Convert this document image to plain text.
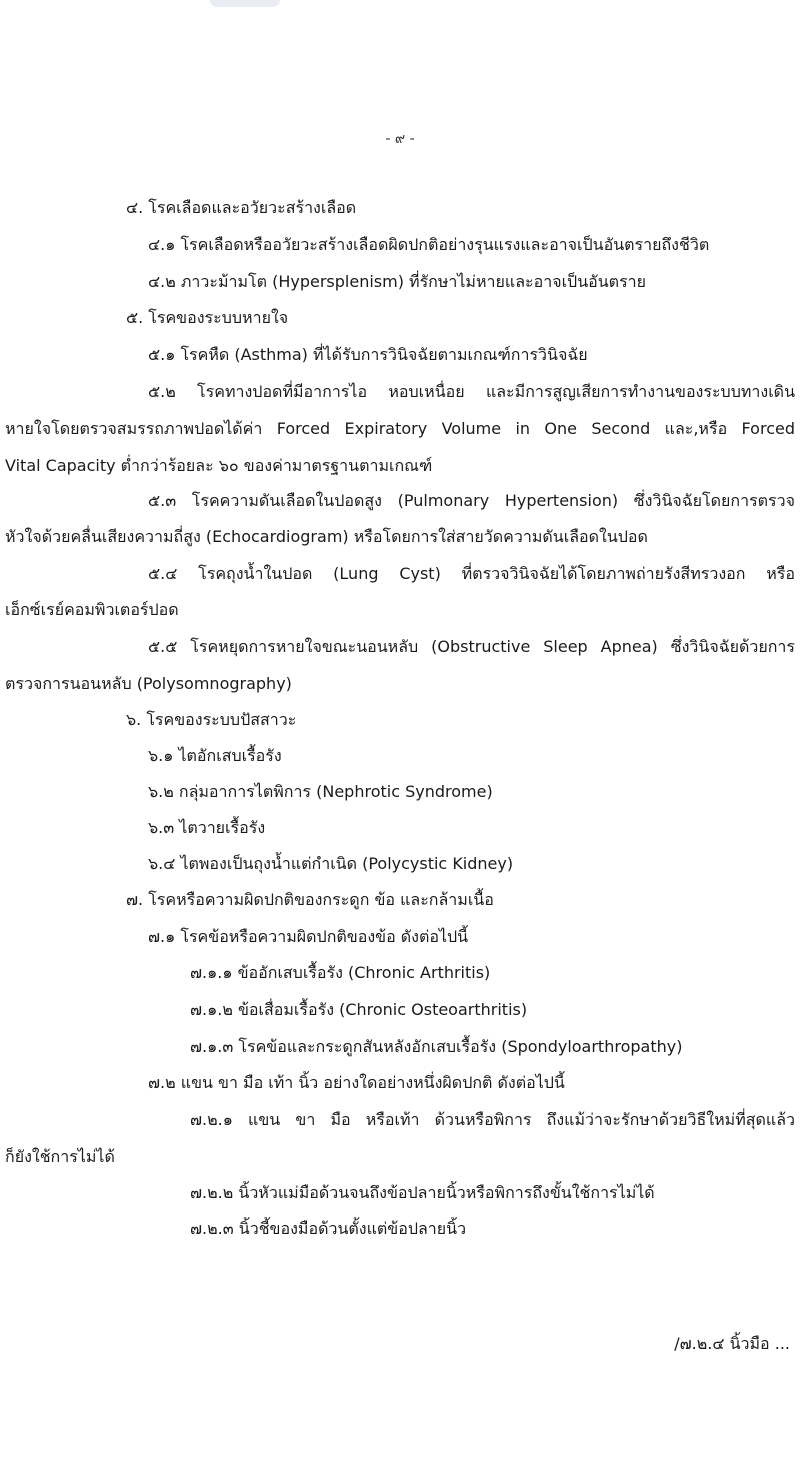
- ๙ -
๔. โรคเลือดและอวัยวะสร้างเลือด
๔.๑ โรคเลือดหรืออวัยวะสร้างเลือดผิดปกติอย่างรุนแรงและอาจเป็นอันตรายถึงชีวิต
๔.๒ ภาวะม้ามโต (Hypersplenism) ที่รักษาไม่หายและอาจเป็นอันตราย
๕. โรคของระบบหายใจ
๕.๑ โรคหืด (Asthma) ที่ได้รับการวินิจฉัยตามเกณฑ์การวินิจฉัย
๕.๒ โรคทางปอดที่มีอาการไอ หอบเหนื่อย และมีการสูญเสียการทำงานของระบบทางเดิน
หายใจโดยตรวจสมรรถภาพปอดได้ค่า Forced Expiratory Volume in One Second และ,หรือ Forced
Vital Capacity ต่ำกว่าร้อยละ ๖๐ ของค่ามาตรฐานตามเกณฑ์
๕.๓ โรคความดันเลือดในปอดสูง (Pulmonary Hypertension) ซึ่งวินิจฉัยโดยการตรวจ
หัวใจด้วยคลื่นเสียงความถี่สูง (Echocardiogram) หรือโดยการใส่สายวัดความดันเลือดในปอด
๕.๔ โรคถุงน้ำในปอด (Lung Cyst) ที่ตรวจวินิจฉัยได้โดยภาพถ่ายรังสีทรวงอก หรือ
เอ็กซ์เรย์คอมพิวเตอร์ปอด
๕.๕ โรคหยุดการหายใจขณะนอนหลับ (Obstructive Sleep Apnea) ซึ่งวินิจฉัยด้วยการ
ตรวจการนอนหลับ (Polysomnography)
๖. โรคของระบบปัสสาวะ
๖.๑ ไตอักเสบเรื้อรัง
๖.๒ กลุ่มอาการไตพิการ (Nephrotic Syndrome)
๖.๓ ไตวายเรื้อรัง
๖.๔ ไตพองเป็นถุงน้ำแต่กำเนิด (Polycystic Kidney)
๗. โรคหรือความผิดปกติของกระดูก ข้อ และกล้ามเนื้อ
๗.๑ โรคข้อหรือความผิดปกติของข้อ ดังต่อไปนี้
๗.๑.๑ ข้ออักเสบเรื้อรัง (Chronic Arthritis)
๗.๑.๒ ข้อเสื่อมเรื้อรัง (Chronic Osteoarthritis)
๗.๑.๓ โรคข้อและกระดูกสันหลังอักเสบเรื้อรัง (Spondyloarthropathy)
๗.๒ แขน ขา มือ เท้า นิ้ว อย่างใดอย่างหนึ่งผิดปกติ ดังต่อไปนี้
๗.๒.๑ แขน ขา มือ หรือเท้า ด้วนหรือพิการ ถึงแม้ว่าจะรักษาด้วยวิธีใหม่ที่สุดแล้ว
ก็ยังใช้การไม่ได้
๗.๒.๒ นิ้วหัวแม่มือด้วนจนถึงข้อปลายนิ้วหรือพิการถึงขั้นใช้การไม่ได้
๗.๒.๓ นิ้วชี้ของมือด้วนตั้งแต่ข้อปลายนิ้ว
/๗.๒.๔ นิ้วมือ ...
